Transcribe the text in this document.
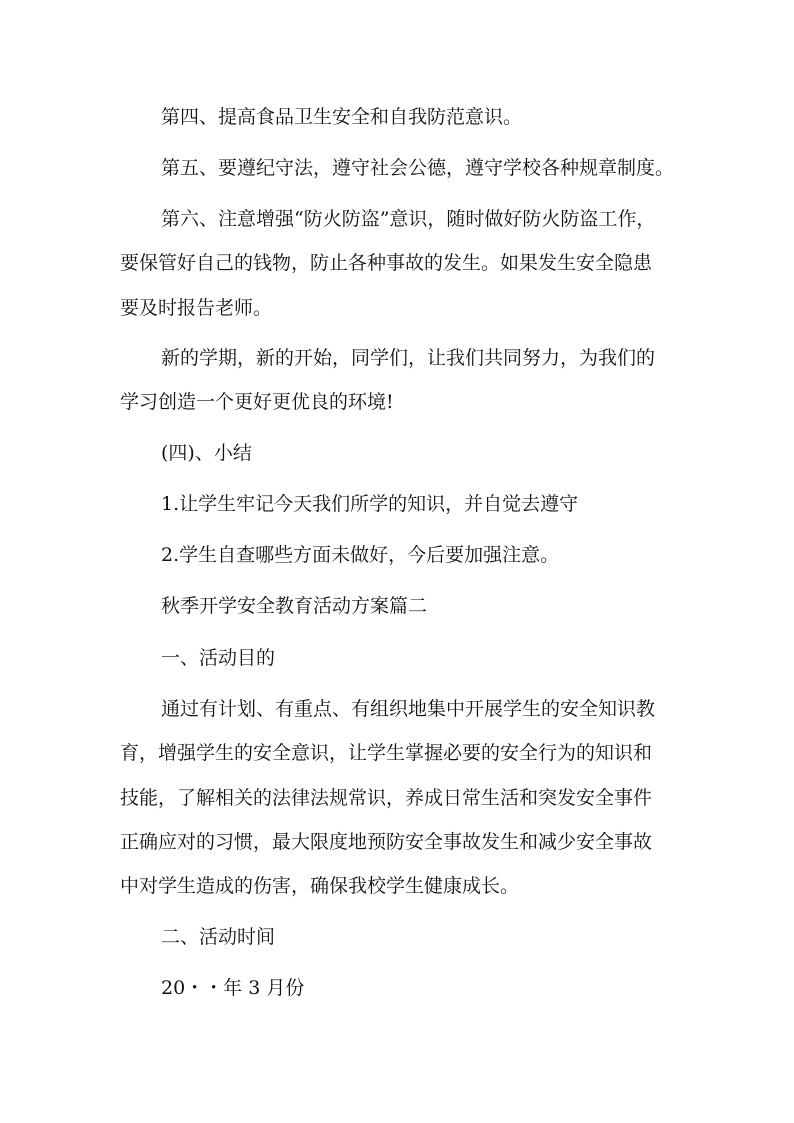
第四、提高食品卫生安全和自我防范意识。
第五、要遵纪守法，遵守社会公德，遵守学校各种规章制度。
第六、注意增强“防火防盗”意识，随时做好防火防盗工作，
要保管好自己的钱物，防止各种事故的发生。如果发生安全隐患
要及时报告老师。
新的学期，新的开始，同学们，让我们共同努力，为我们的
学习创造一个更好更优良的环境!
(四)、小结
1.让学生牢记今天我们所学的知识，并自觉去遵守
2.学生自查哪些方面未做好，今后要加强注意。
秋季开学安全教育活动方案篇二
一、活动目的
通过有计划、有重点、有组织地集中开展学生的安全知识教
育，增强学生的安全意识，让学生掌握必要的安全行为的知识和
技能，了解相关的法律法规常识，养成日常生活和突发安全事件
正确应对的习惯，最大限度地预防安全事故发生和减少安全事故
中对学生造成的伤害，确保我校学生健康成长。
二、活动时间
20・・年 3 月份
